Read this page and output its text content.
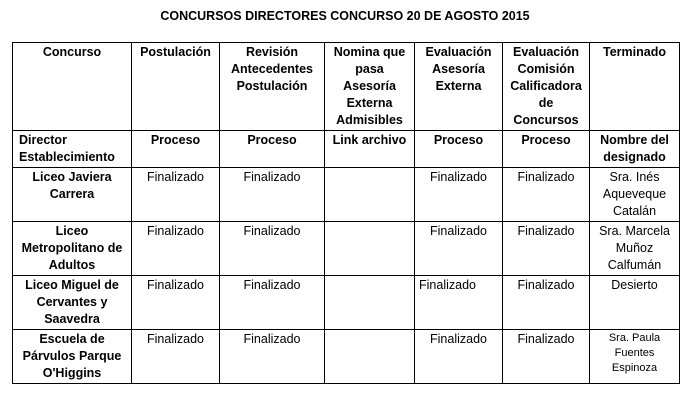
CONCURSOS DIRECTORES CONCURSO 20 DE AGOSTO 2015
Concurso	Postulación	Revisión Antecedentes Postulación	Nomina que pasa Asesoría Externa Admisibles	Evaluación Asesoría Externa	Evaluación Comisión Calificadora de Concursos	Terminado
Director Establecimiento	Proceso	Proceso	Link archivo	Proceso	Proceso	Nombre del designado
Liceo Javiera Carrera	Finalizado	Finalizado		Finalizado	Finalizado	Sra. Inés Aqueveque Catalán
Liceo Metropolitano de Adultos	Finalizado	Finalizado		Finalizado	Finalizado	Sra. Marcela Muñoz Calfumán
Liceo Miguel de Cervantes y Saavedra	Finalizado	Finalizado		Finalizado	Finalizado	Desierto
Escuela de Párvulos Parque O'Higgins	Finalizado	Finalizado		Finalizado	Finalizado	Sra. Paula Fuentes Espinoza
